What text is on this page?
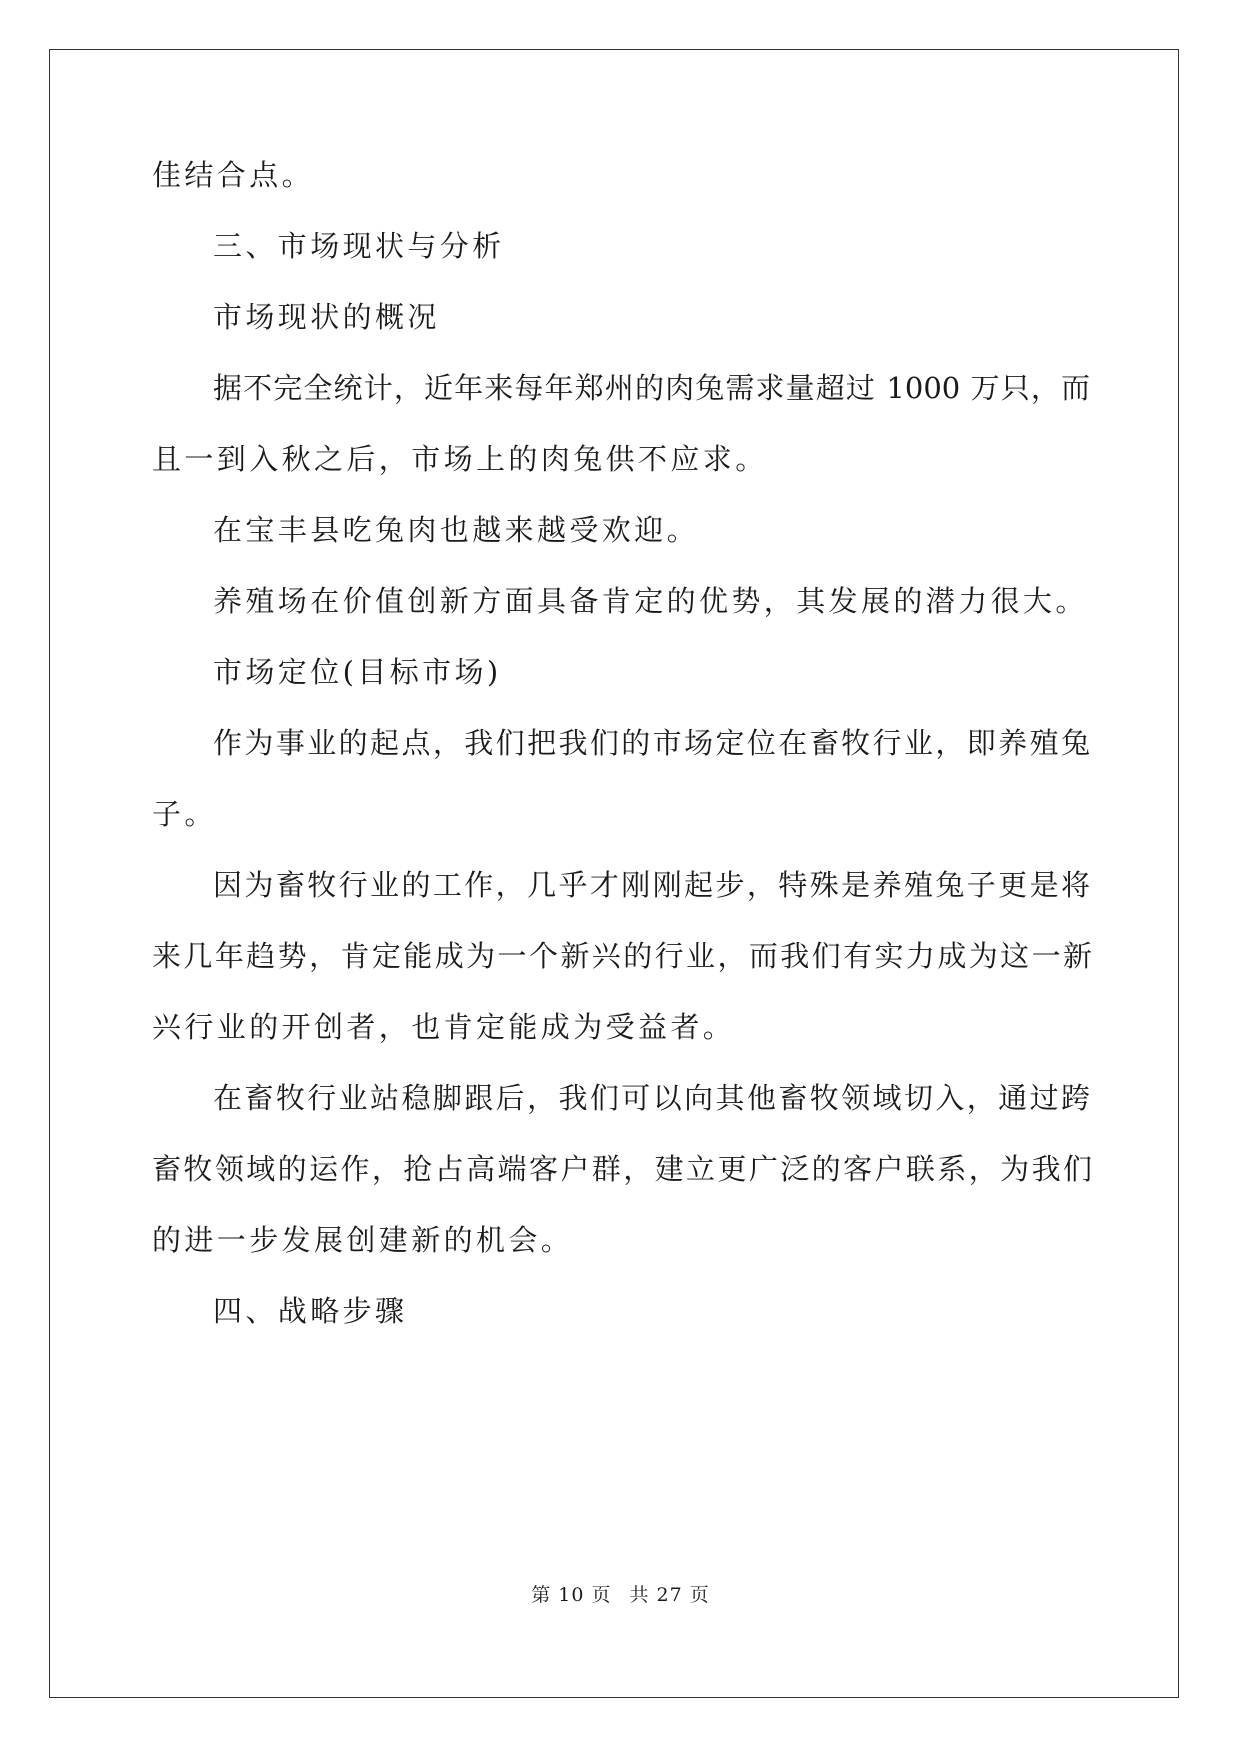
佳结合点。
三、市场现状与分析
市场现状的概况
据不完全统计，近年来每年郑州的肉兔需求量超过 1000 万只，而
且一到入秋之后，市场上的肉兔供不应求。
在宝丰县吃兔肉也越来越受欢迎。
养殖场在价值创新方面具备肯定的优势，其发展的潜力很大。
市场定位(目标市场)
作为事业的起点，我们把我们的市场定位在畜牧行业，即养殖兔
子。
因为畜牧行业的工作，几乎才刚刚起步，特殊是养殖兔子更是将
来几年趋势，肯定能成为一个新兴的行业，而我们有实力成为这一新
兴行业的开创者，也肯定能成为受益者。
在畜牧行业站稳脚跟后，我们可以向其他畜牧领域切入，通过跨
畜牧领域的运作，抢占高端客户群，建立更广泛的客户联系，为我们
的进一步发展创建新的机会。
四、战略步骤
第 10 页 共 27 页
